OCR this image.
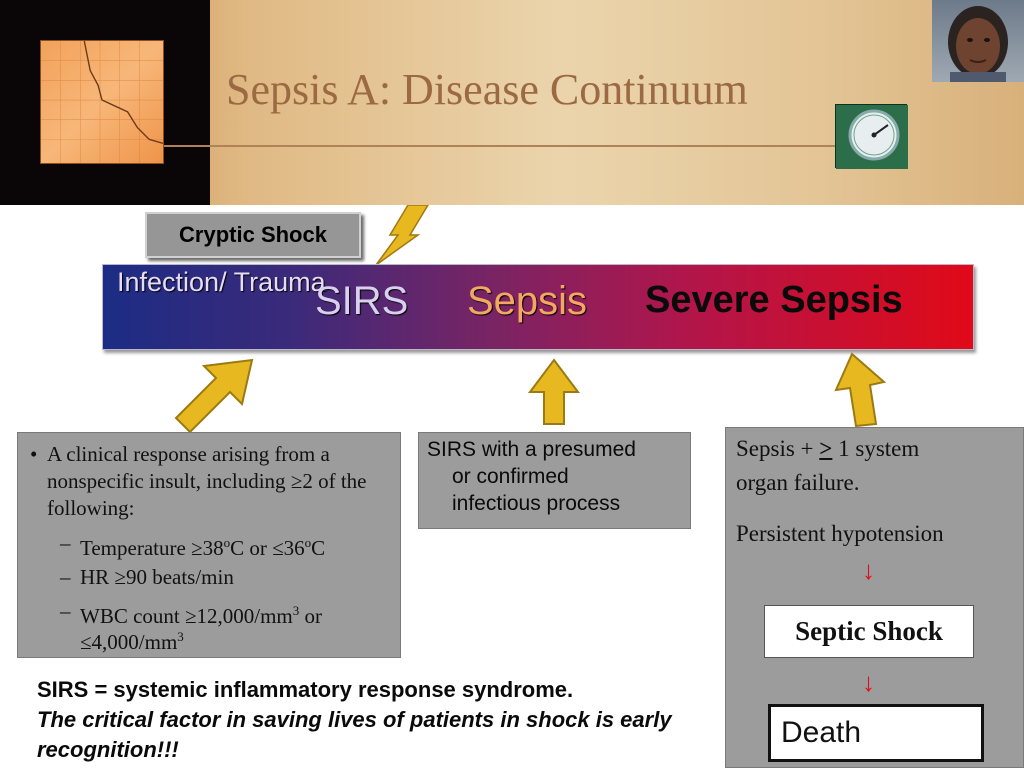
Sepsis A: Disease Continuum
Cryptic Shock
Infection/ Trauma
SIRS Sepsis Severe Sepsis
• A clinical response arising from a nonspecific insult, including ≥2 of the following:
– Temperature $\ge 38^oC$ or $\le 36^oC$
– HR ≥90 beats/min
– WBC count $\ge 12,000/mm^3$ or
$\le 4,000/mm^3$
SIRS with a presumed
or confirmed
infectious process
Sepsis + > 1 system
organ failure.
Persistent hypotension
↓
Septic Shock
↓
Death
SIRS = systemic inflammatory response syndrome.
The critical factor in saving lives of patients in shock is early recognition!!!
